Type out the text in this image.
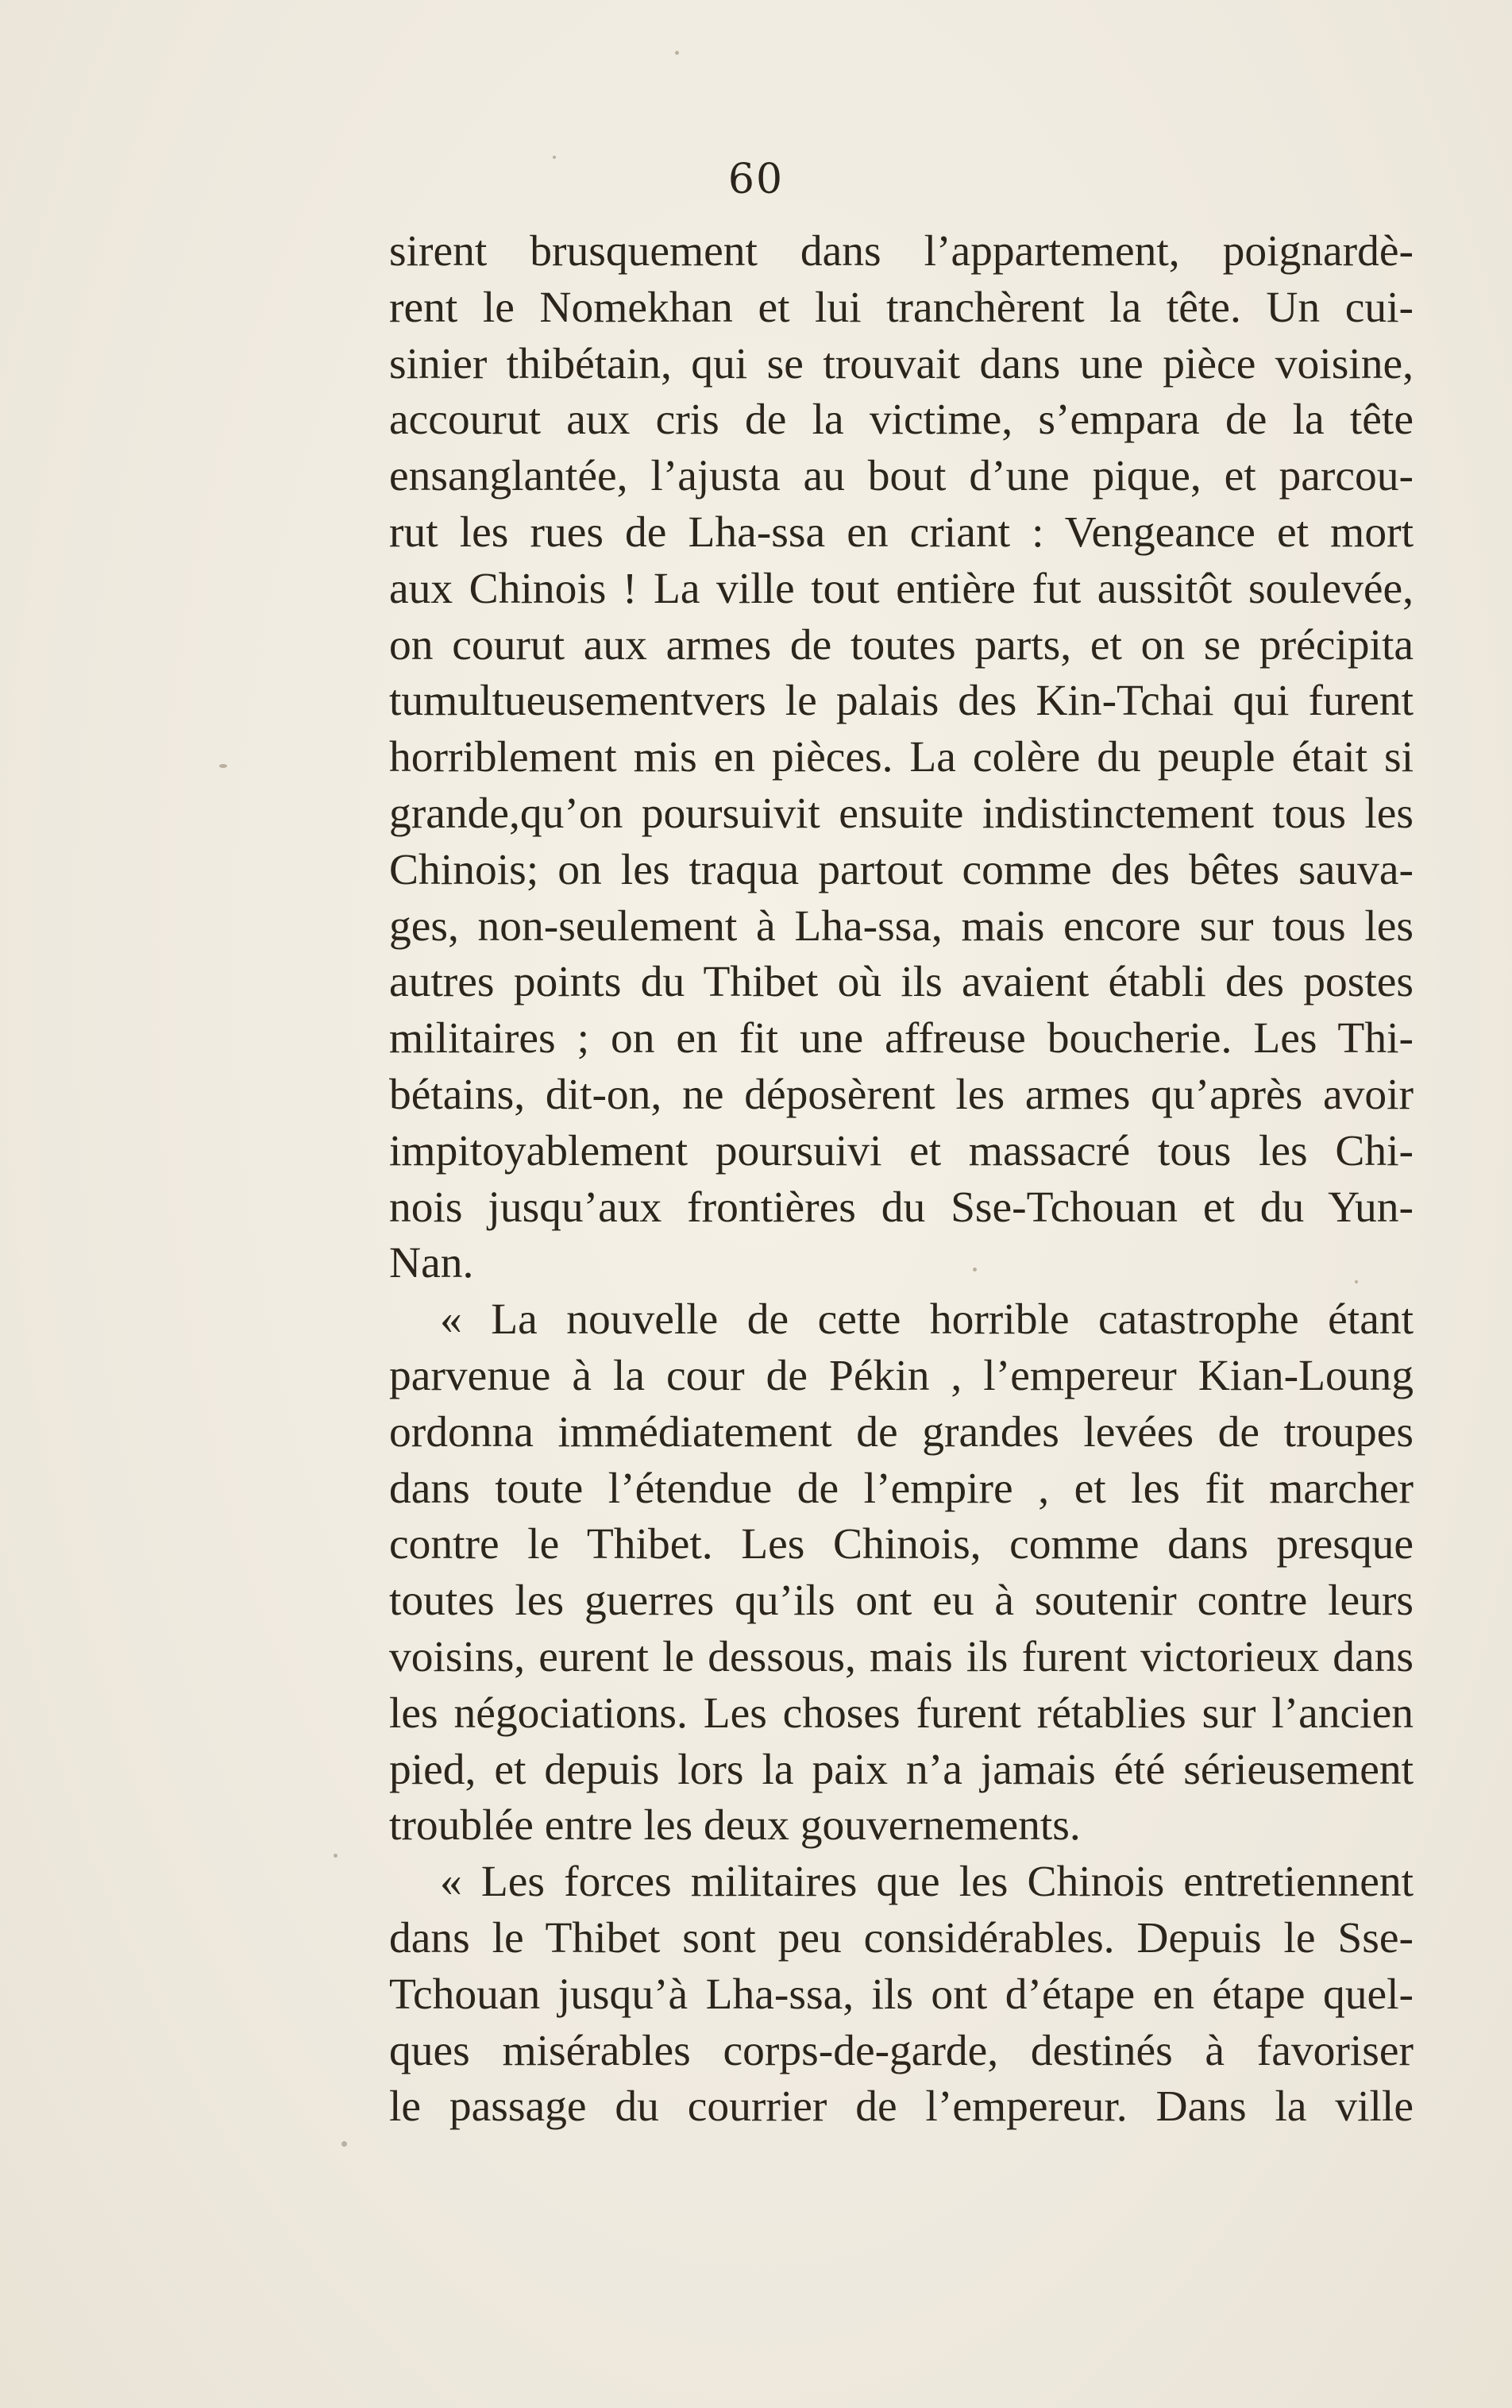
60
sirent brusquement dans l’appartement, poignardè-
rent le Nomekhan et lui tranchèrent la tête. Un cui-
sinier thibétain, qui se trouvait dans une pièce voisine,
accourut aux cris de la victime, s’empara de la tête
ensanglantée, l’ajusta au bout d’une pique, et parcou-
rut les rues de Lha-ssa en criant : Vengeance et mort
aux Chinois ! La ville tout entière fut aussitôt soulevée,
on courut aux armes de toutes parts, et on se précipita
tumultueusementvers le palais des Kin-Tchai qui furent
horriblement mis en pièces. La colère du peuple était si
grande,qu’on poursuivit ensuite indistinctement tous les
Chinois; on les traqua partout comme des bêtes sauva-
ges, non-seulement à Lha-ssa, mais encore sur tous les
autres points du Thibet où ils avaient établi des postes
militaires ; on en fit une affreuse boucherie. Les Thi-
bétains, dit-on, ne déposèrent les armes qu’après avoir
impitoyablement poursuivi et massacré tous les Chi-
nois jusqu’aux frontières du Sse-Tchouan et du Yun-
Nan.
« La nouvelle de cette horrible catastrophe étant
parvenue à la cour de Pékin , l’empereur Kian-Loung
ordonna immédiatement de grandes levées de troupes
dans toute l’étendue de l’empire , et les fit marcher
contre le Thibet. Les Chinois, comme dans presque
toutes les guerres qu’ils ont eu à soutenir contre leurs
voisins, eurent le dessous, mais ils furent victorieux dans
les négociations. Les choses furent rétablies sur l’ancien
pied, et depuis lors la paix n’a jamais été sérieusement
troublée entre les deux gouvernements.
« Les forces militaires que les Chinois entretiennent
dans le Thibet sont peu considérables. Depuis le Sse-
Tchouan jusqu’à Lha-ssa, ils ont d’étape en étape quel-
ques misérables corps-de-garde, destinés à favoriser
le passage du courrier de l’empereur. Dans la ville
